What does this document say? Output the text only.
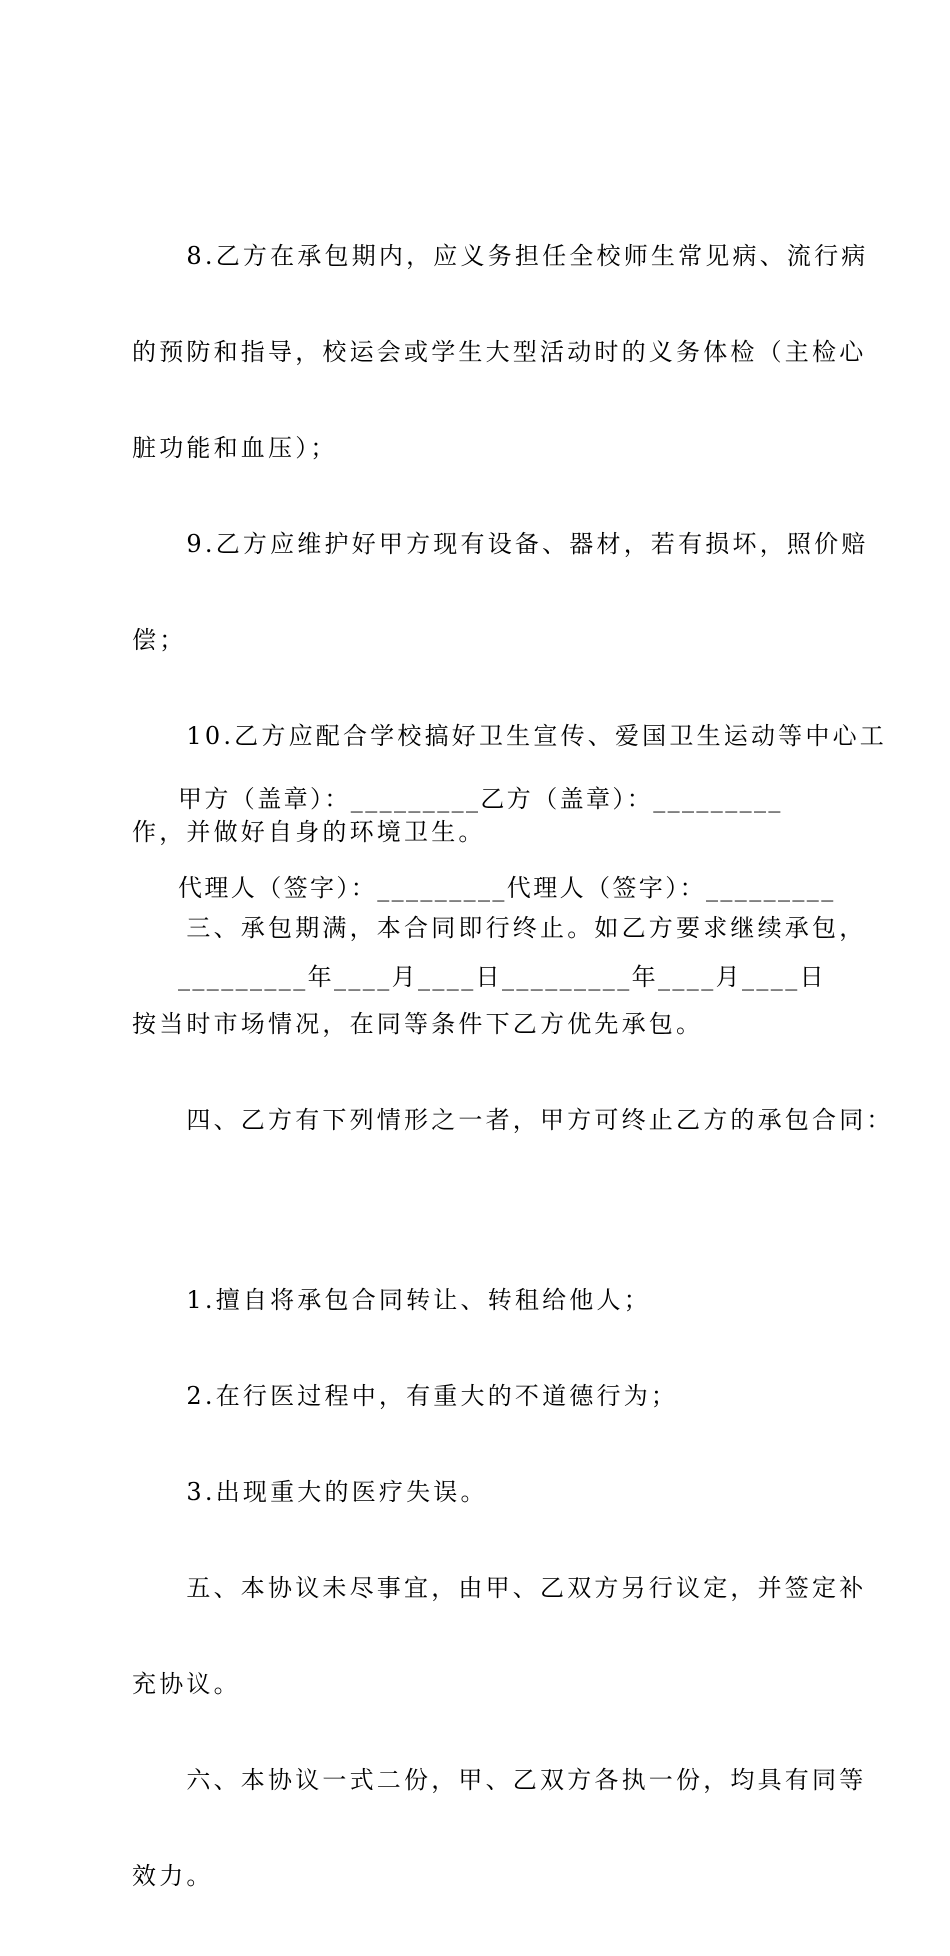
　　8.乙方在承包期内，应义务担任全校师生常见病、流行病

的预防和指导，校运会或学生大型活动时的义务体检（主检心

脏功能和血压）；

　　9.乙方应维护好甲方现有设备、器材，若有损坏，照价赔

偿；

　　10.乙方应配合学校搞好卫生宣传、爱国卫生运动等中心工

作，并做好自身的环境卫生。

　　三、承包期满，本合同即行终止。如乙方要求继续承包，

按当时市场情况，在同等条件下乙方优先承包。

　　四、乙方有下列情形之一者，甲方可终止乙方的承包合同：

　　1.擅自将承包合同转让、转租给他人；

　　2.在行医过程中，有重大的不道德行为；

　　3.出现重大的医疗失误。

　　五、本协议未尽事宜，由甲、乙双方另行议定，并签定补

充协议。

　　六、本协议一式二份，甲、乙双方各执一份，均具有同等

效力。

甲方（盖章）：_________乙方（盖章）：_________

代理人（签字）：_________代理人（签字）：_________

_________年____月____日_________年____月____日
